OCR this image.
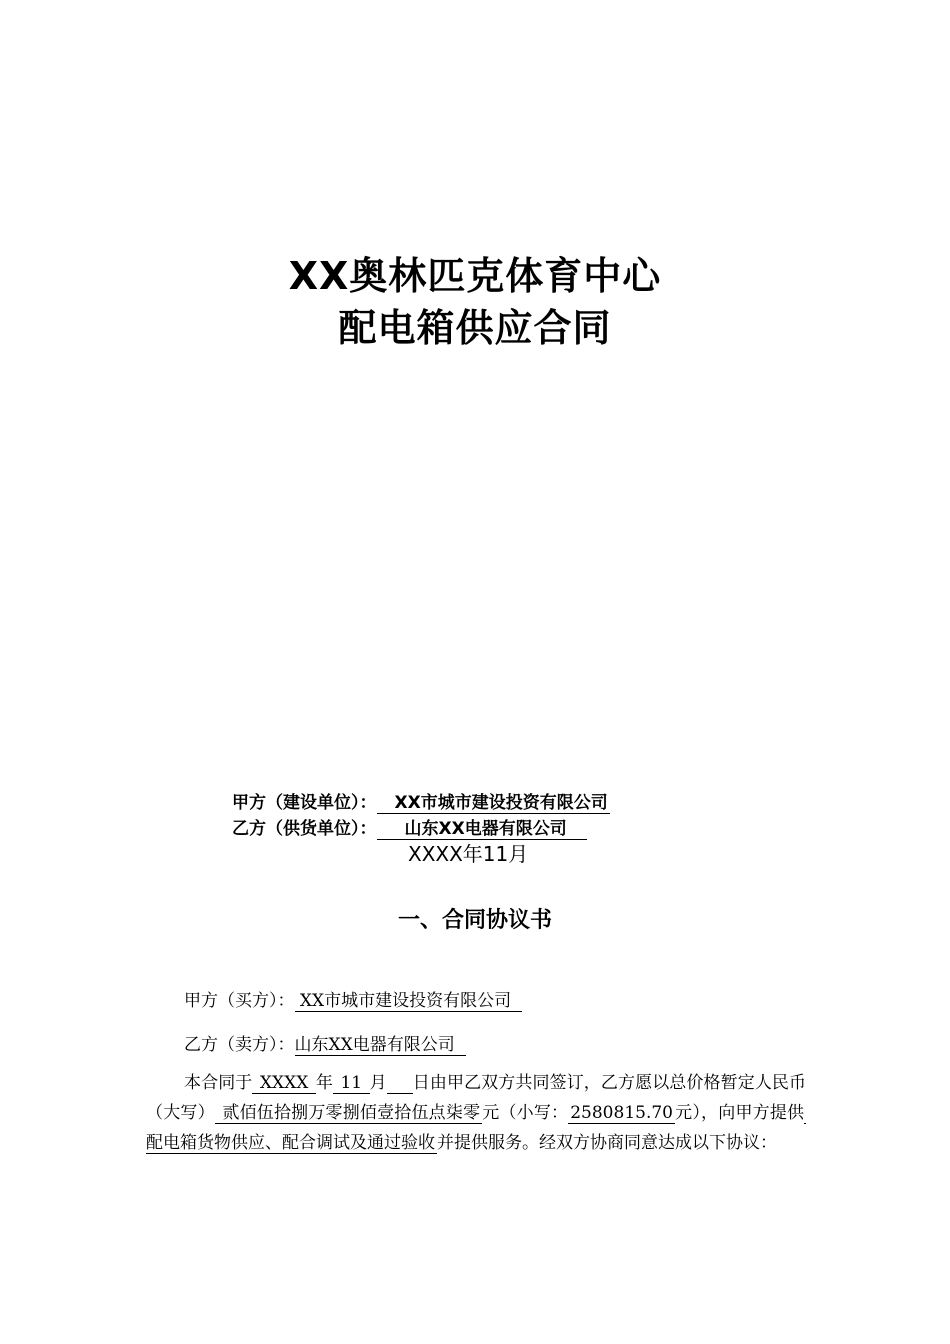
XX奥林匹克体育中心
配电箱供应合同
甲方（建设单位）： XX市城市建设投资有限公司
乙方（供货单位）： 山东XX电器有限公司
XXXX年11月
一、合同协议书
甲方（买方）： XX市城市建设投资有限公司
乙方（卖方）：山东XX电器有限公司
本合同于 XXXX 年 11 月 日由甲乙双方共同签订，乙方愿以总价格暂定人民币（大写） 贰佰伍拾捌万零捌佰壹拾伍点柒零 元（小写： 2580815.70 元），向甲方提供 配电箱货物供应、配合调试及通过验收 并提供服务。经双方协商同意达成以下协议：
